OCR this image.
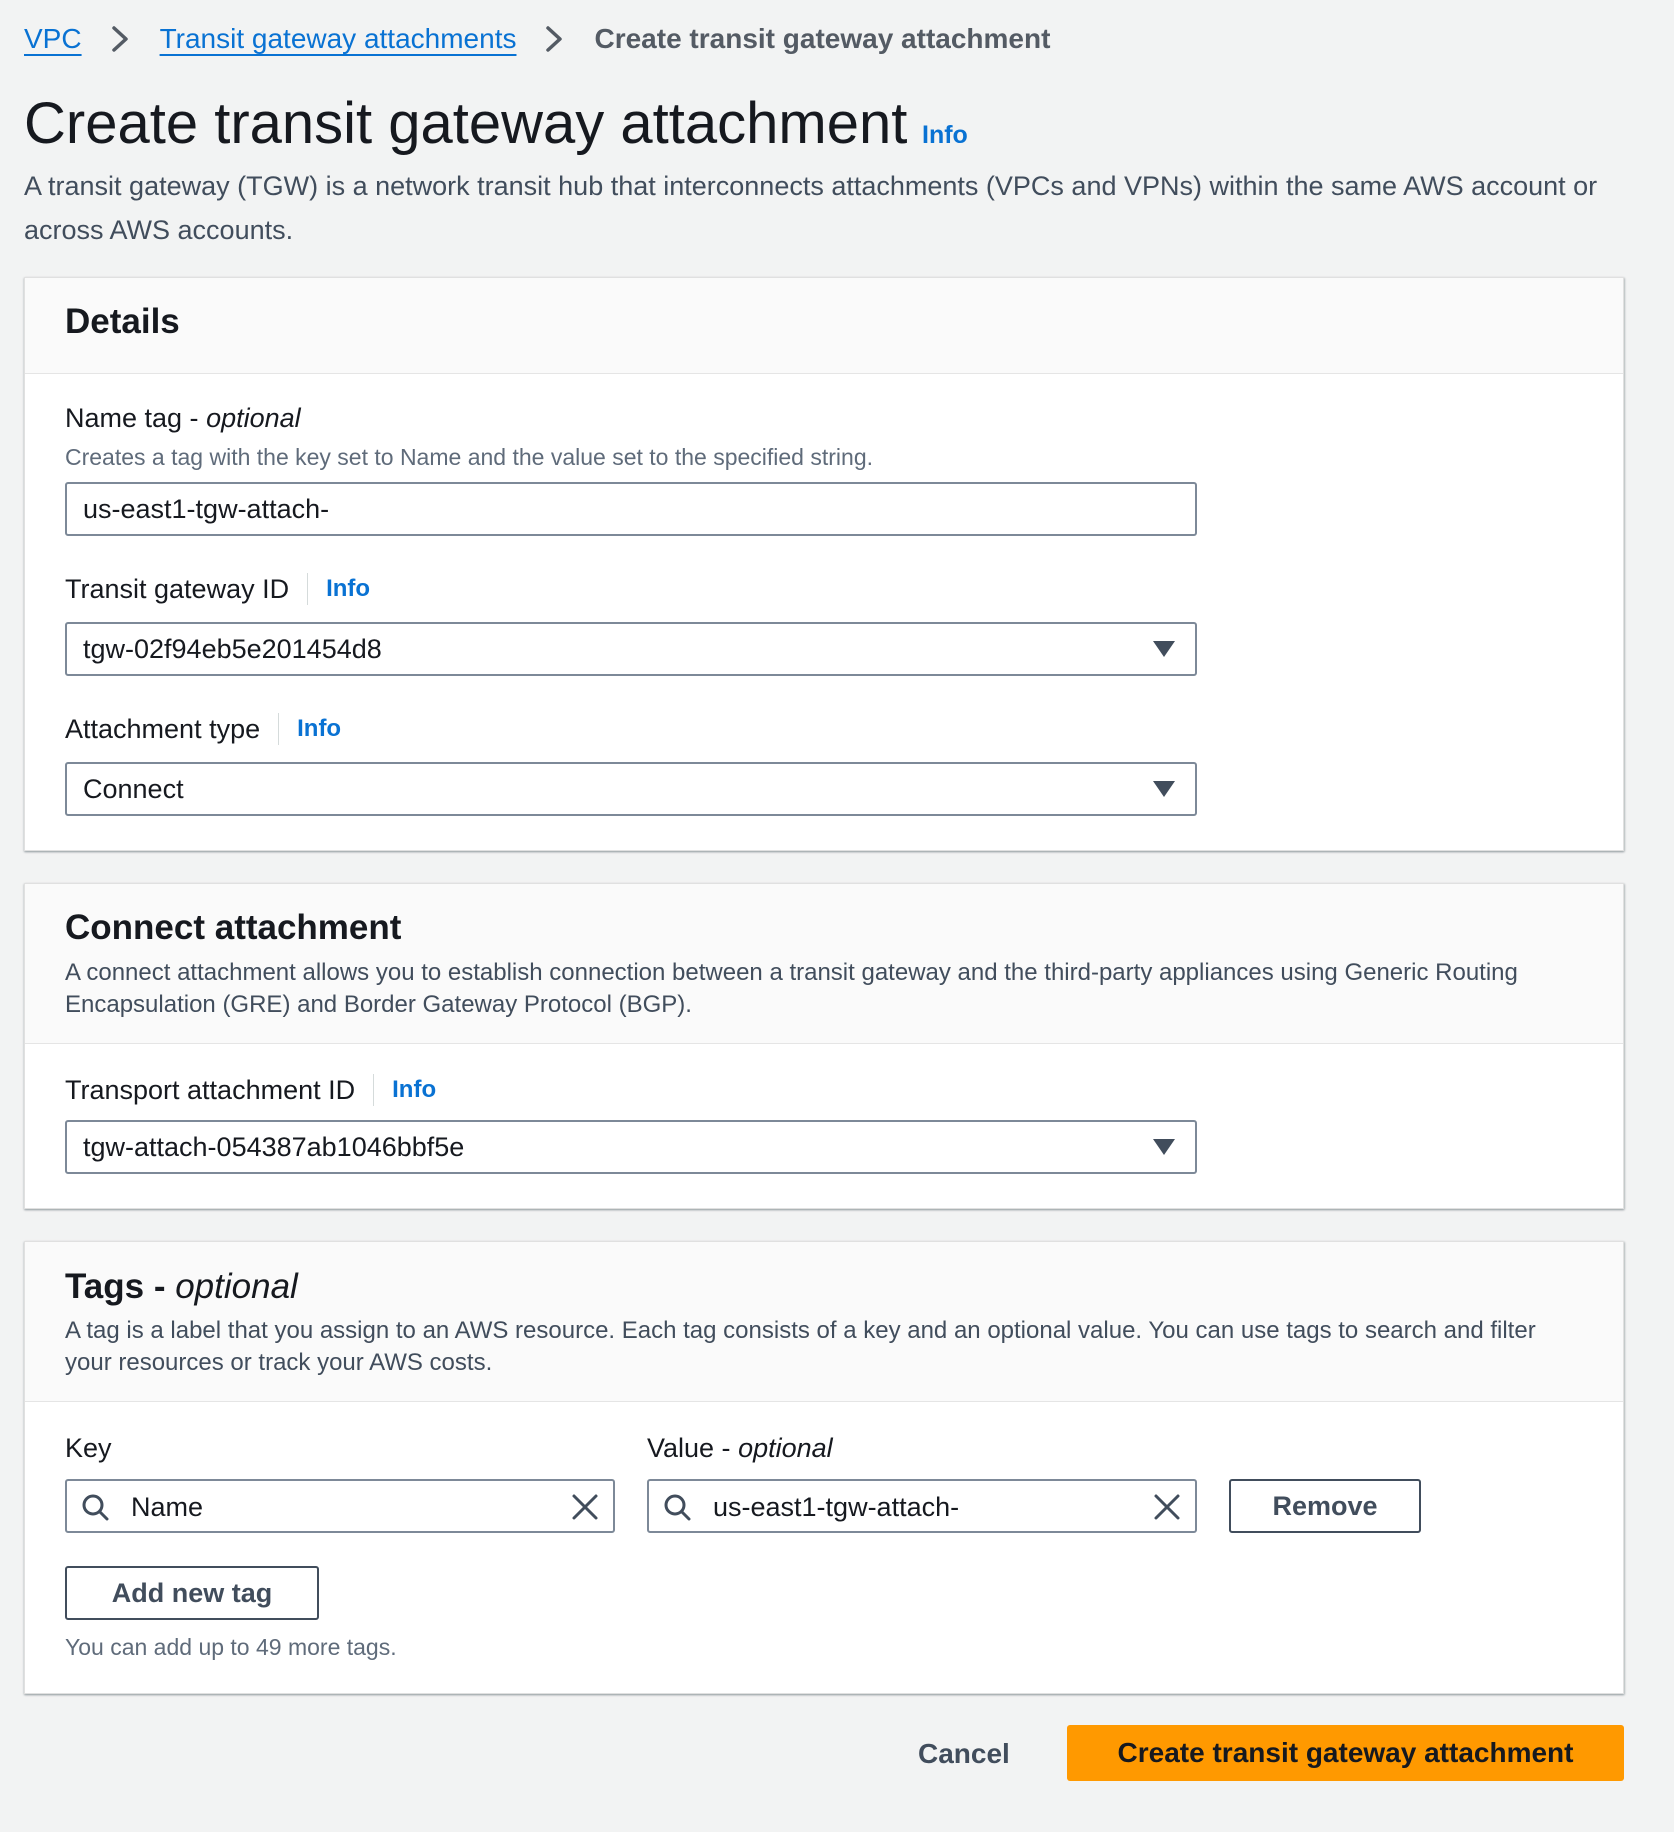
VPC	Transit gateway attachments	Create transit gateway attachment
Create transit gateway attachment Info
A transit gateway (TGW) is a network transit hub that interconnects attachments (VPCs and VPNs) within the same AWS account or across AWS accounts.
Details
Name tag -
optional
Creates a tag with the key set to Name and the value set to the specified string.
us-east1-tgw-attach-
Transit gateway ID Info
tgw-02f94eb5e201454d8
Attachment type Info
Connect
Connect attachment
A connect attachment allows you to establish connection between a transit gateway and the third-party appliances using Generic Routing Encapsulation (GRE) and Border Gateway Protocol (BGP).
Transport attachment ID Info
tgw-attach-054387ab1046bbf5e
Tags - optional
A tag is a label that you assign to an AWS resource. Each tag consists of a key and an optional value. You can use tags to search and filter your resources or track your AWS costs.
Key	Value -
optional
Name	us-east1-tgw-attach-	Remove
Add new tag
You can add up to 49 more tags.
Cancel	Create transit gateway attachment
